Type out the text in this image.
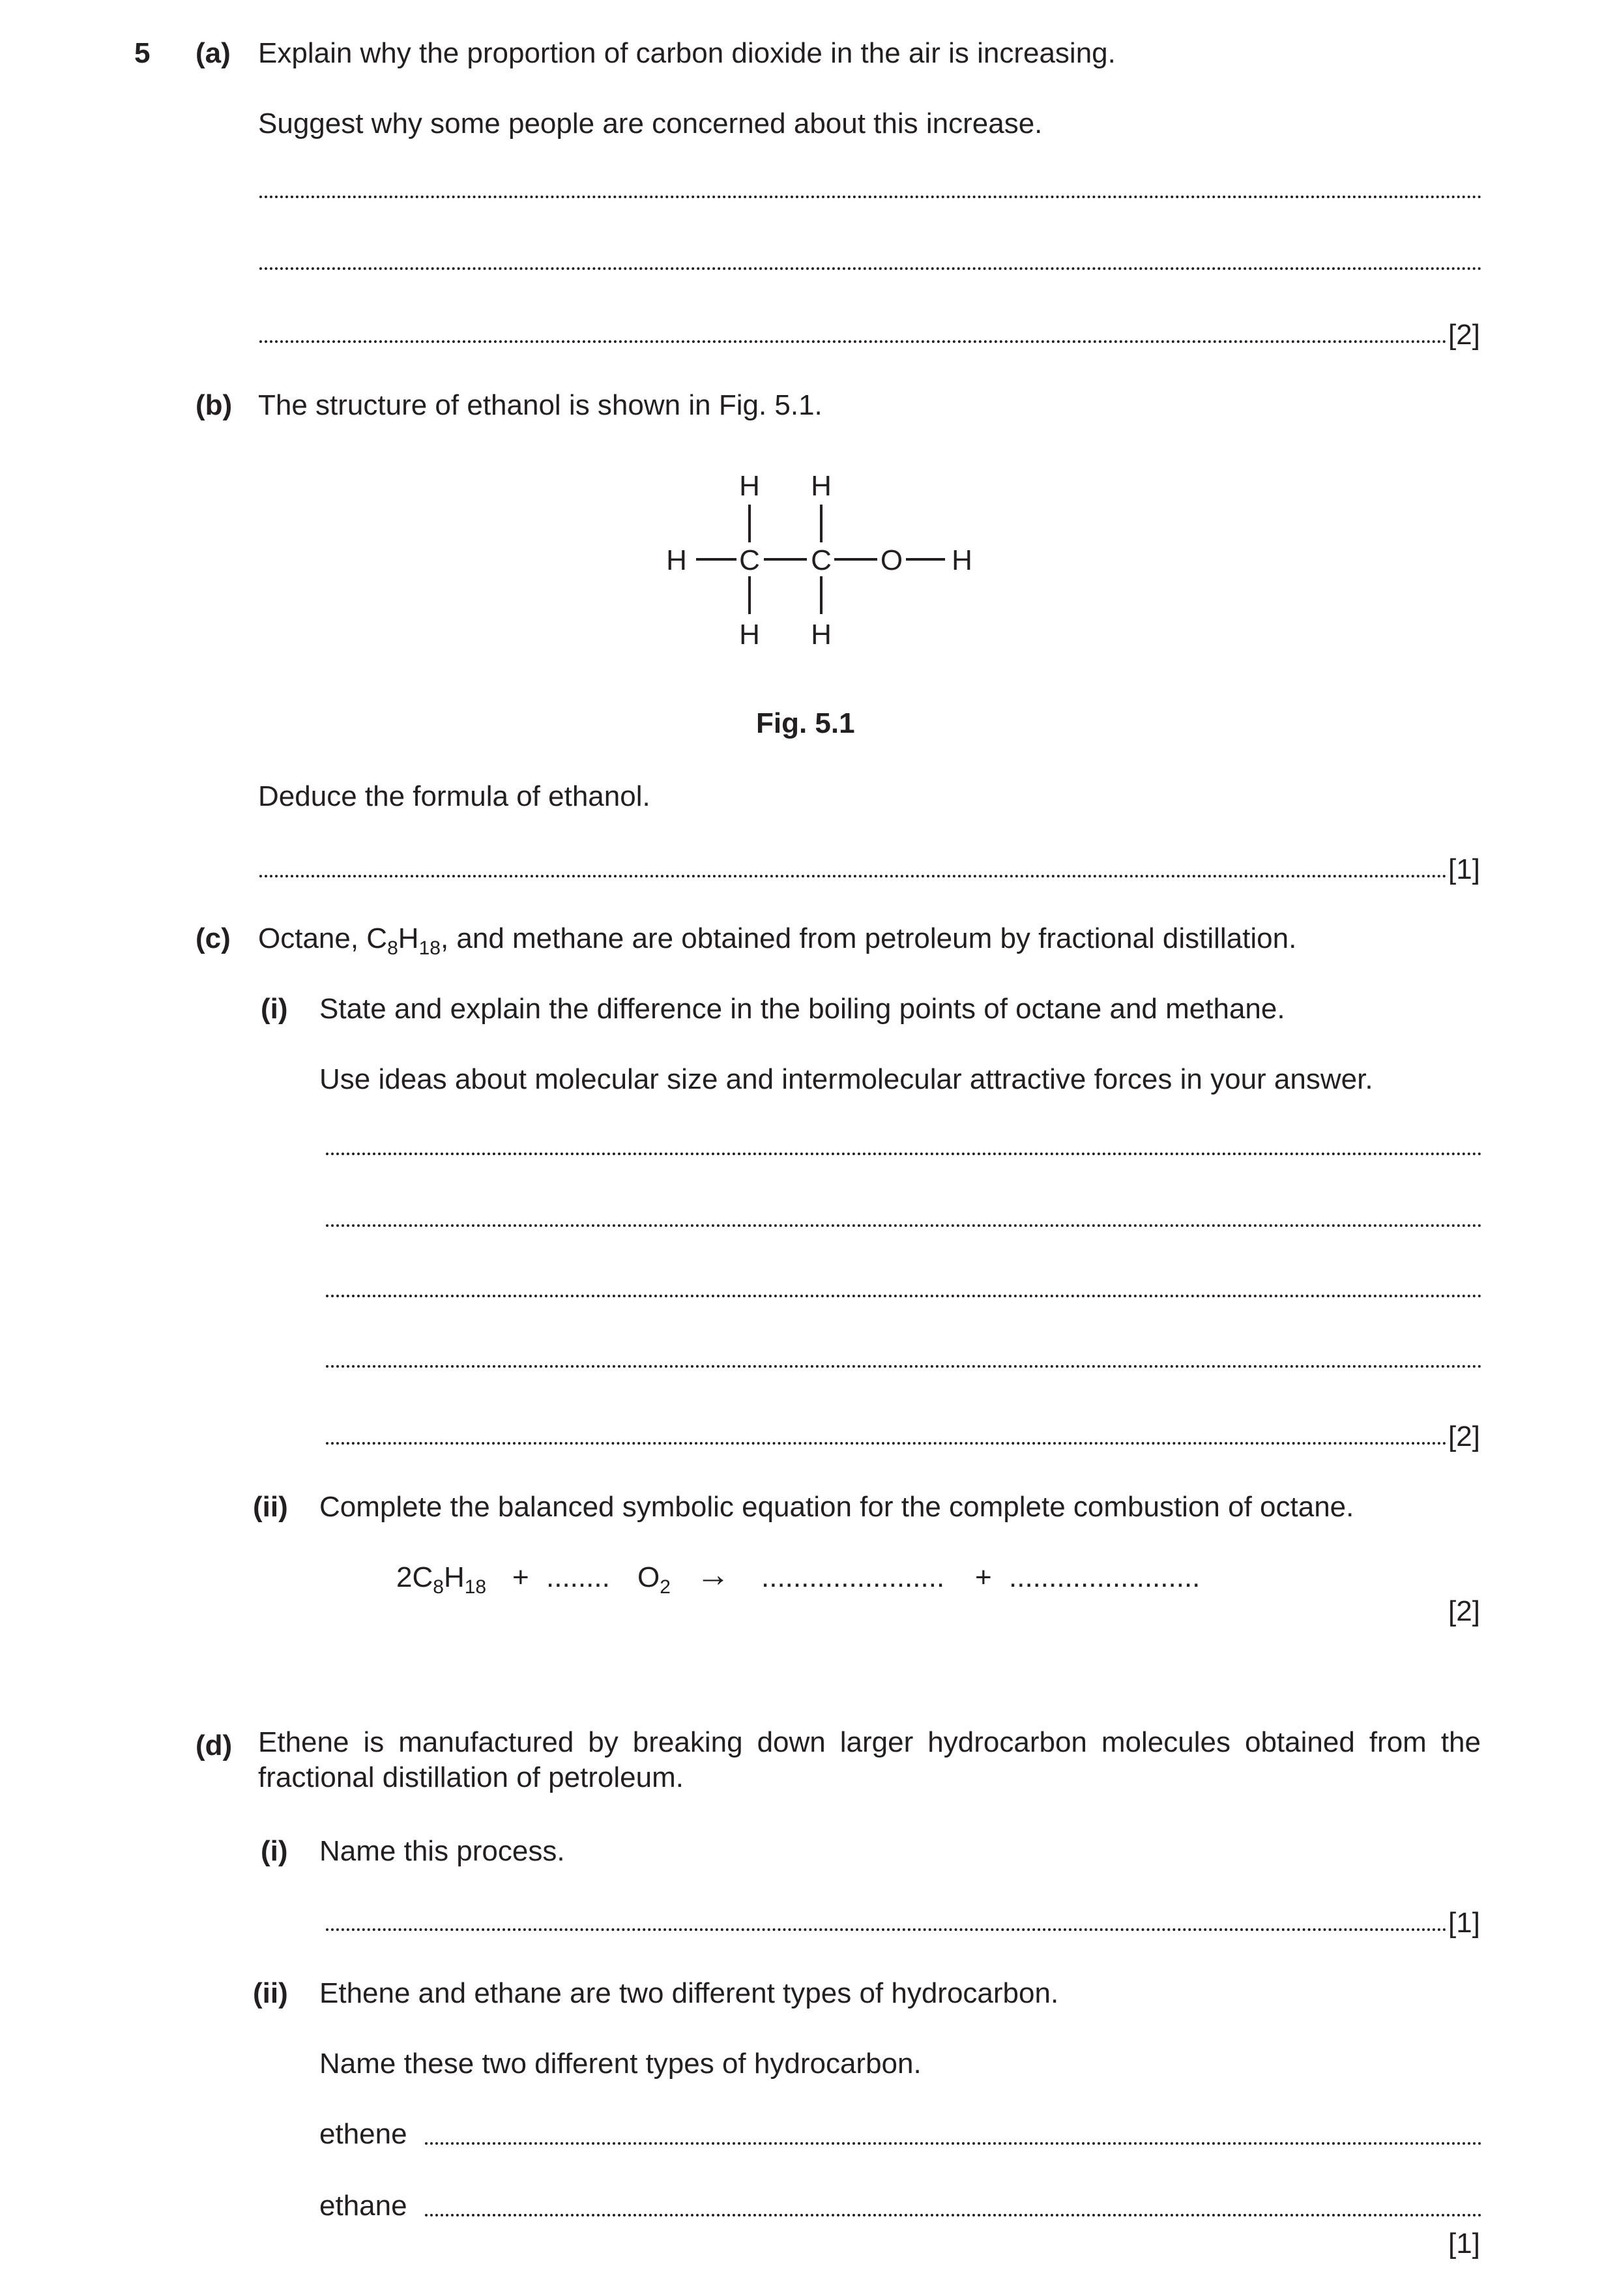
5 (a) Explain why the proportion of carbon dioxide in the air is increasing.
Suggest why some people are concerned about this increase.
[2]
(b) The structure of ethanol is shown in Fig. 5.1.
H H
H C C O H
H H
Fig. 5.1
Deduce the formula of ethanol.
[1]
(c) Octane, $C_8H_{18}$, and methane are obtained from petroleum by fractional distillation.
(i) State and explain the difference in the boiling points of octane and methane.
Use ideas about molecular size and intermolecular attractive forces in your answer.
[2]
(ii) Complete the balanced symbolic equation for the complete combustion of octane.
$2C_8H_{18}$ + ........ $O_2$ → ....................... + ........................
[2]
(d) Ethene is manufactured by breaking down larger hydrocarbon molecules obtained from the fractional distillation of petroleum.
(i) Name this process.
[1]
(ii) Ethene and ethane are two different types of hydrocarbon.
Name these two different types of hydrocarbon.
ethene
ethane
[1]
